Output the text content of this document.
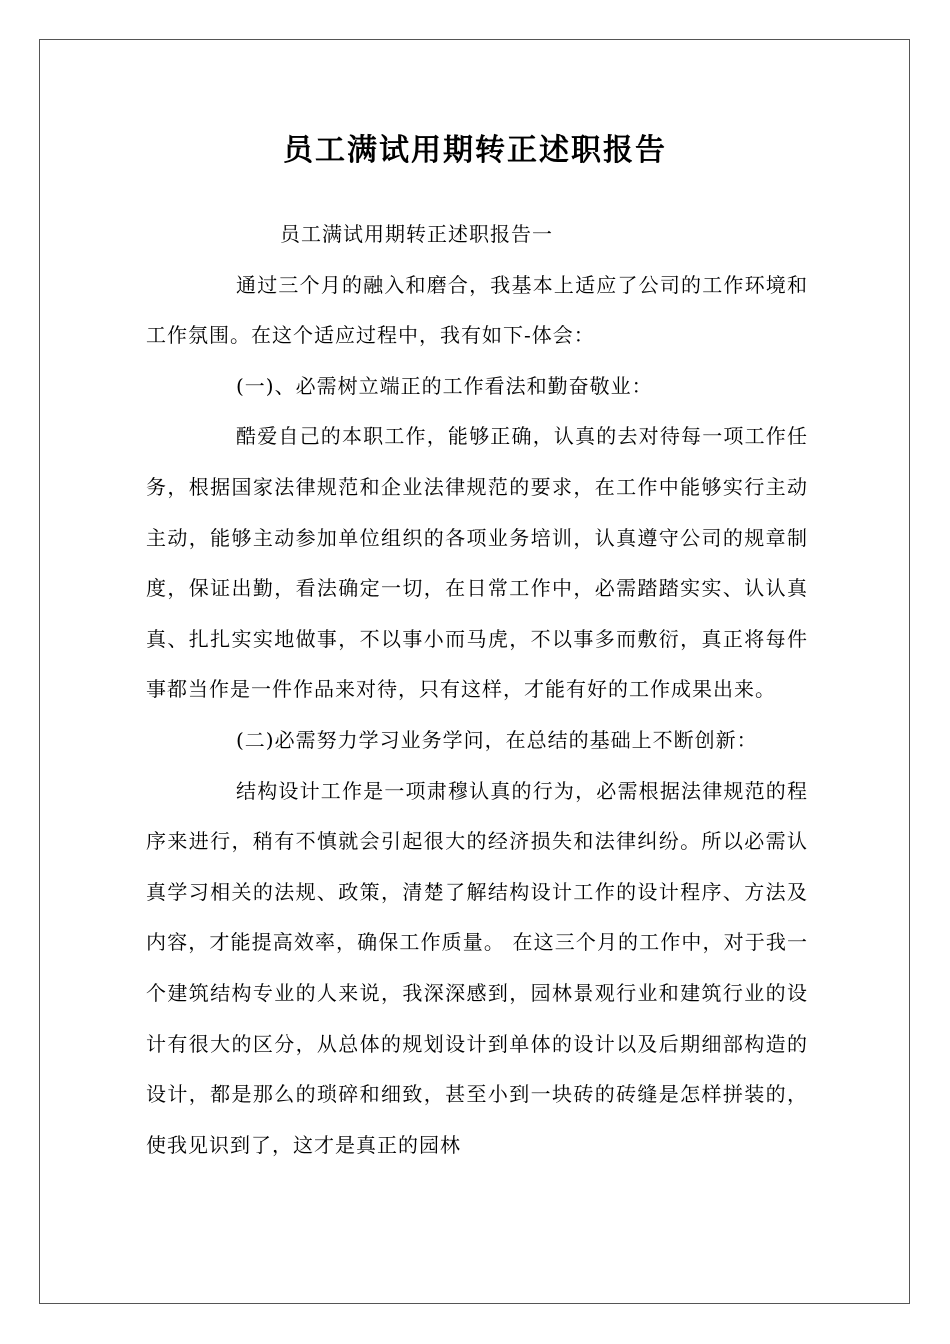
员工满试用期转正述职报告

员工满试用期转正述职报告一

通过三个月的融入和磨合，我基本上适应了公司的工作环境和工作氛围。在这个适应过程中，我有如下-体会：

(一)、必需树立端正的工作看法和勤奋敬业：

酷爱自己的本职工作，能够正确，认真的去对待每一项工作任务，根据国家法律规范和企业法律规范的要求，在工作中能够实行主动主动，能够主动参加单位组织的各项业务培训，认真遵守公司的规章制度，保证出勤，看法确定一切，在日常工作中，必需踏踏实实、认认真真、扎扎实实地做事，不以事小而马虎，不以事多而敷衍，真正将每件事都当作是一件作品来对待，只有这样，才能有好的工作成果出来。

(二)必需努力学习业务学问，在总结的基础上不断创新：

结构设计工作是一项肃穆认真的行为，必需根据法律规范的程序来进行，稍有不慎就会引起很大的经济损失和法律纠纷。所以必需认真学习相关的法规、政策，清楚了解结构设计工作的设计程序、方法及内容，才能提高效率，确保工作质量。 在这三个月的工作中，对于我一个建筑结构专业的人来说，我深深感到，园林景观行业和建筑行业的设计有很大的区分，从总体的规划设计到单体的设计以及后期细部构造的设计，都是那么的琐碎和细致，甚至小到一块砖的砖缝是怎样拼装的，使我见识到了，这才是真正的园林
